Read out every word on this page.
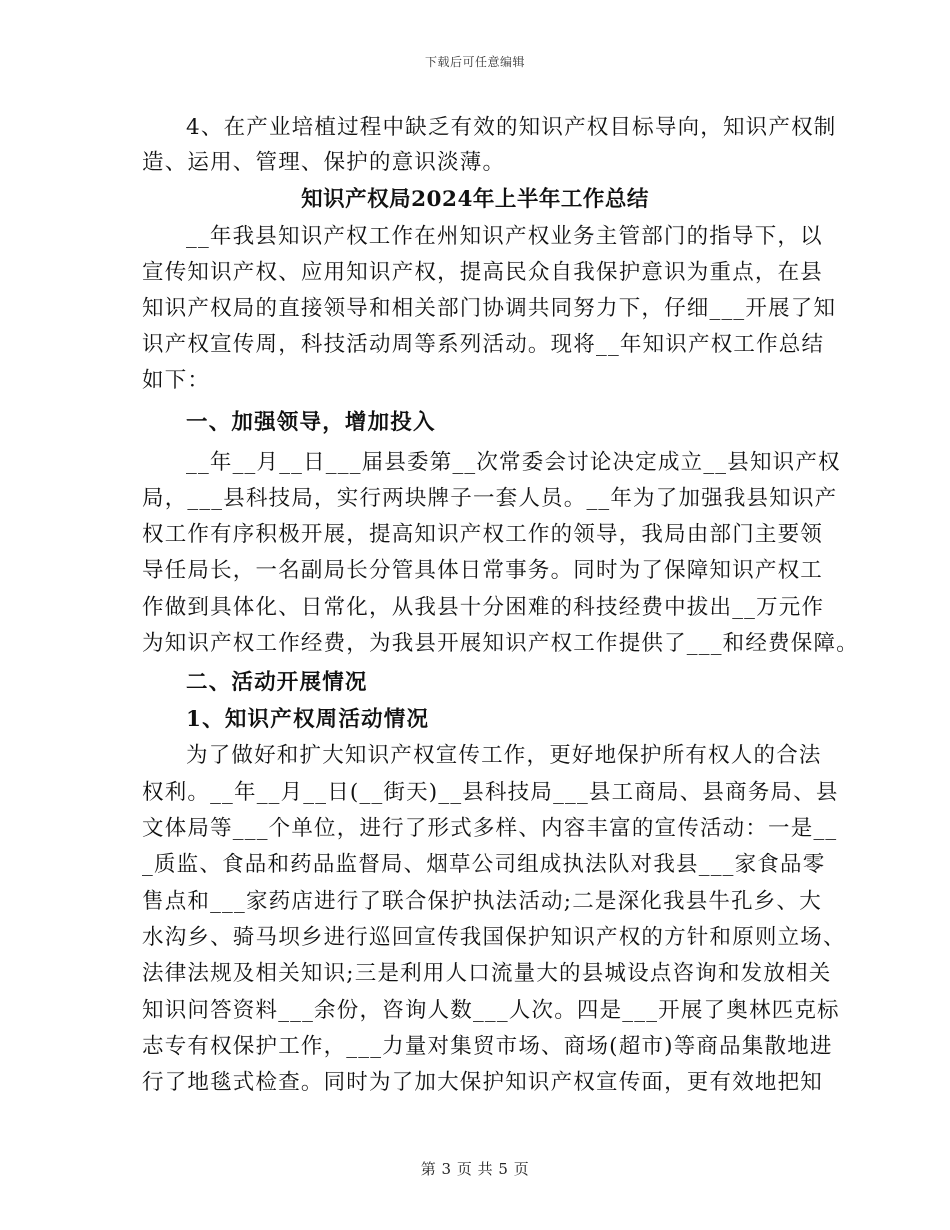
下载后可任意编辑
4、在产业培植过程中缺乏有效的知识产权目标导向，知识产权制
造、运用、管理、保护的意识淡薄。
知识产权局2024年上半年工作总结
__年我县知识产权工作在州知识产权业务主管部门的指导下，以
宣传知识产权、应用知识产权，提高民众自我保护意识为重点，在县
知识产权局的直接领导和相关部门协调共同努力下，仔细___开展了知
识产权宣传周，科技活动周等系列活动。现将__年知识产权工作总结
如下：
一、加强领导，增加投入
__年__月__日___届县委第__次常委会讨论决定成立__县知识产权
局，___县科技局，实行两块牌子一套人员。__年为了加强我县知识产
权工作有序积极开展，提高知识产权工作的领导，我局由部门主要领
导任局长，一名副局长分管具体日常事务。同时为了保障知识产权工
作做到具体化、日常化，从我县十分困难的科技经费中拔出__万元作
为知识产权工作经费，为我县开展知识产权工作提供了___和经费保障。
二、活动开展情况
1、知识产权周活动情况
为了做好和扩大知识产权宣传工作，更好地保护所有权人的合法
权利。__年__月__日(__街天)__县科技局___县工商局、县商务局、县
文体局等___个单位，进行了形式多样、内容丰富的宣传活动：一是__
_质监、食品和药品监督局、烟草公司组成执法队对我县___家食品零
售点和___家药店进行了联合保护执法活动;二是深化我县牛孔乡、大
水沟乡、骑马坝乡进行巡回宣传我国保护知识产权的方针和原则立场、
法律法规及相关知识;三是利用人口流量大的县城设点咨询和发放相关
知识问答资料___余份，咨询人数___人次。四是___开展了奥林匹克标
志专有权保护工作，___力量对集贸市场、商场(超市)等商品集散地进
行了地毯式检查。同时为了加大保护知识产权宣传面，更有效地把知
第 3 页 共 5 页
